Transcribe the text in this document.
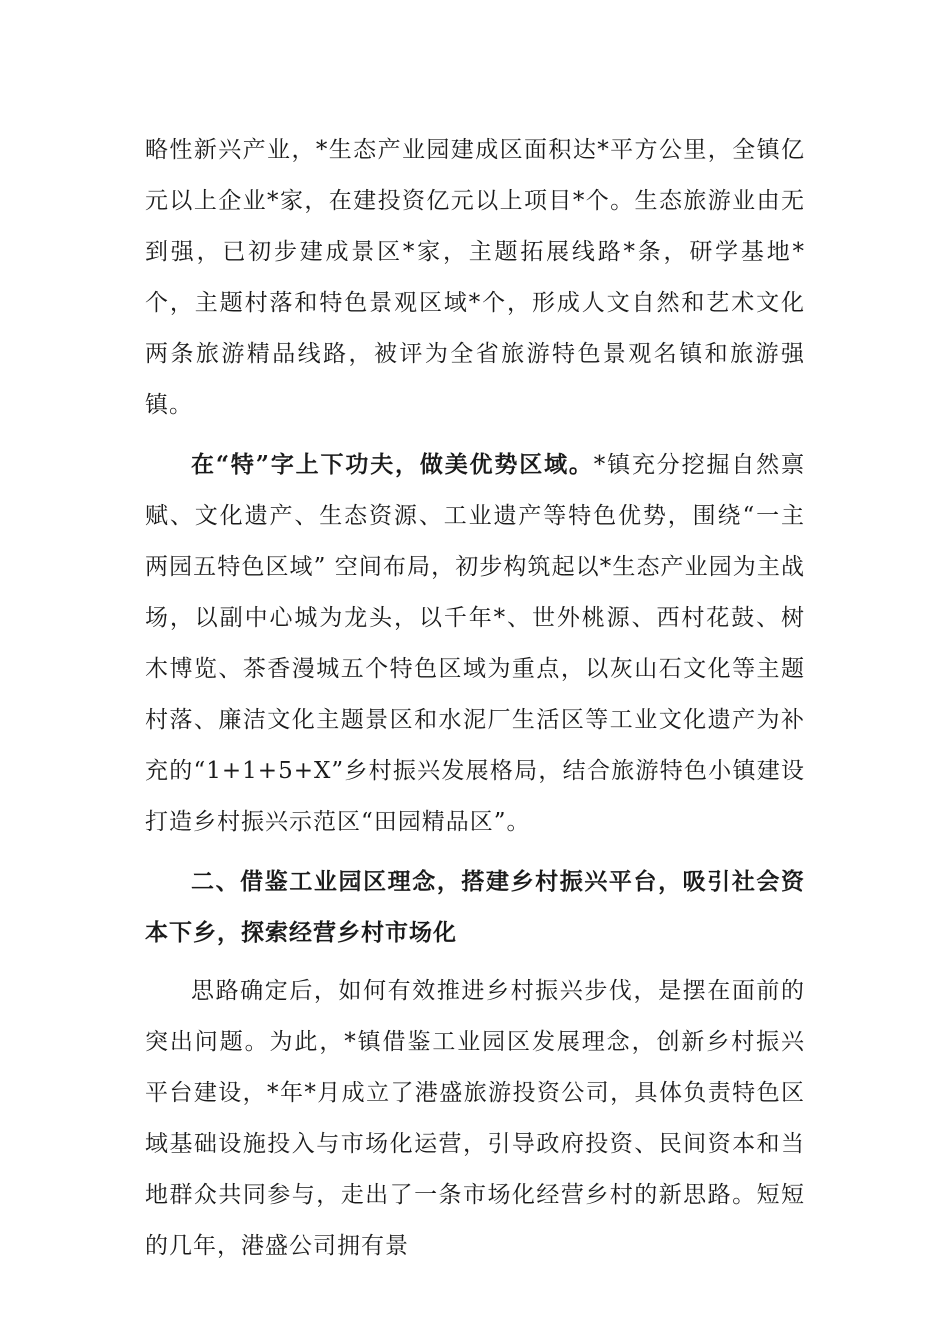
略性新兴产业，*生态产业园建成区面积达*平方公里，全镇亿元以上企业*家，在建投资亿元以上项目*个。生态旅游业由无到强，已初步建成景区*家，主题拓展线路*条，研学基地*个，主题村落和特色景观区域*个，形成人文自然和艺术文化两条旅游精品线路，被评为全省旅游特色景观名镇和旅游强镇。

在“特”字上下功夫，做美优势区域。*镇充分挖掘自然禀赋、文化遗产、生态资源、工业遗产等特色优势，围绕“一主两园五特色区域” 空间布局，初步构筑起以*生态产业园为主战场，以副中心城为龙头，以千年*、世外桃源、西村花鼓、树木博览、茶香漫城五个特色区域为重点，以灰山石文化等主题村落、廉洁文化主题景区和水泥厂生活区等工业文化遗产为补充的“1+1+5+X”乡村振兴发展格局，结合旅游特色小镇建设打造乡村振兴示范区“田园精品区”。

二、借鉴工业园区理念，搭建乡村振兴平台，吸引社会资本下乡，探索经营乡村市场化

思路确定后，如何有效推进乡村振兴步伐，是摆在面前的突出问题。为此，*镇借鉴工业园区发展理念，创新乡村振兴平台建设，*年*月成立了港盛旅游投资公司，具体负责特色区域基础设施投入与市场化运营，引导政府投资、民间资本和当地群众共同参与，走出了一条市场化经营乡村的新思路。短短的几年，港盛公司拥有景
